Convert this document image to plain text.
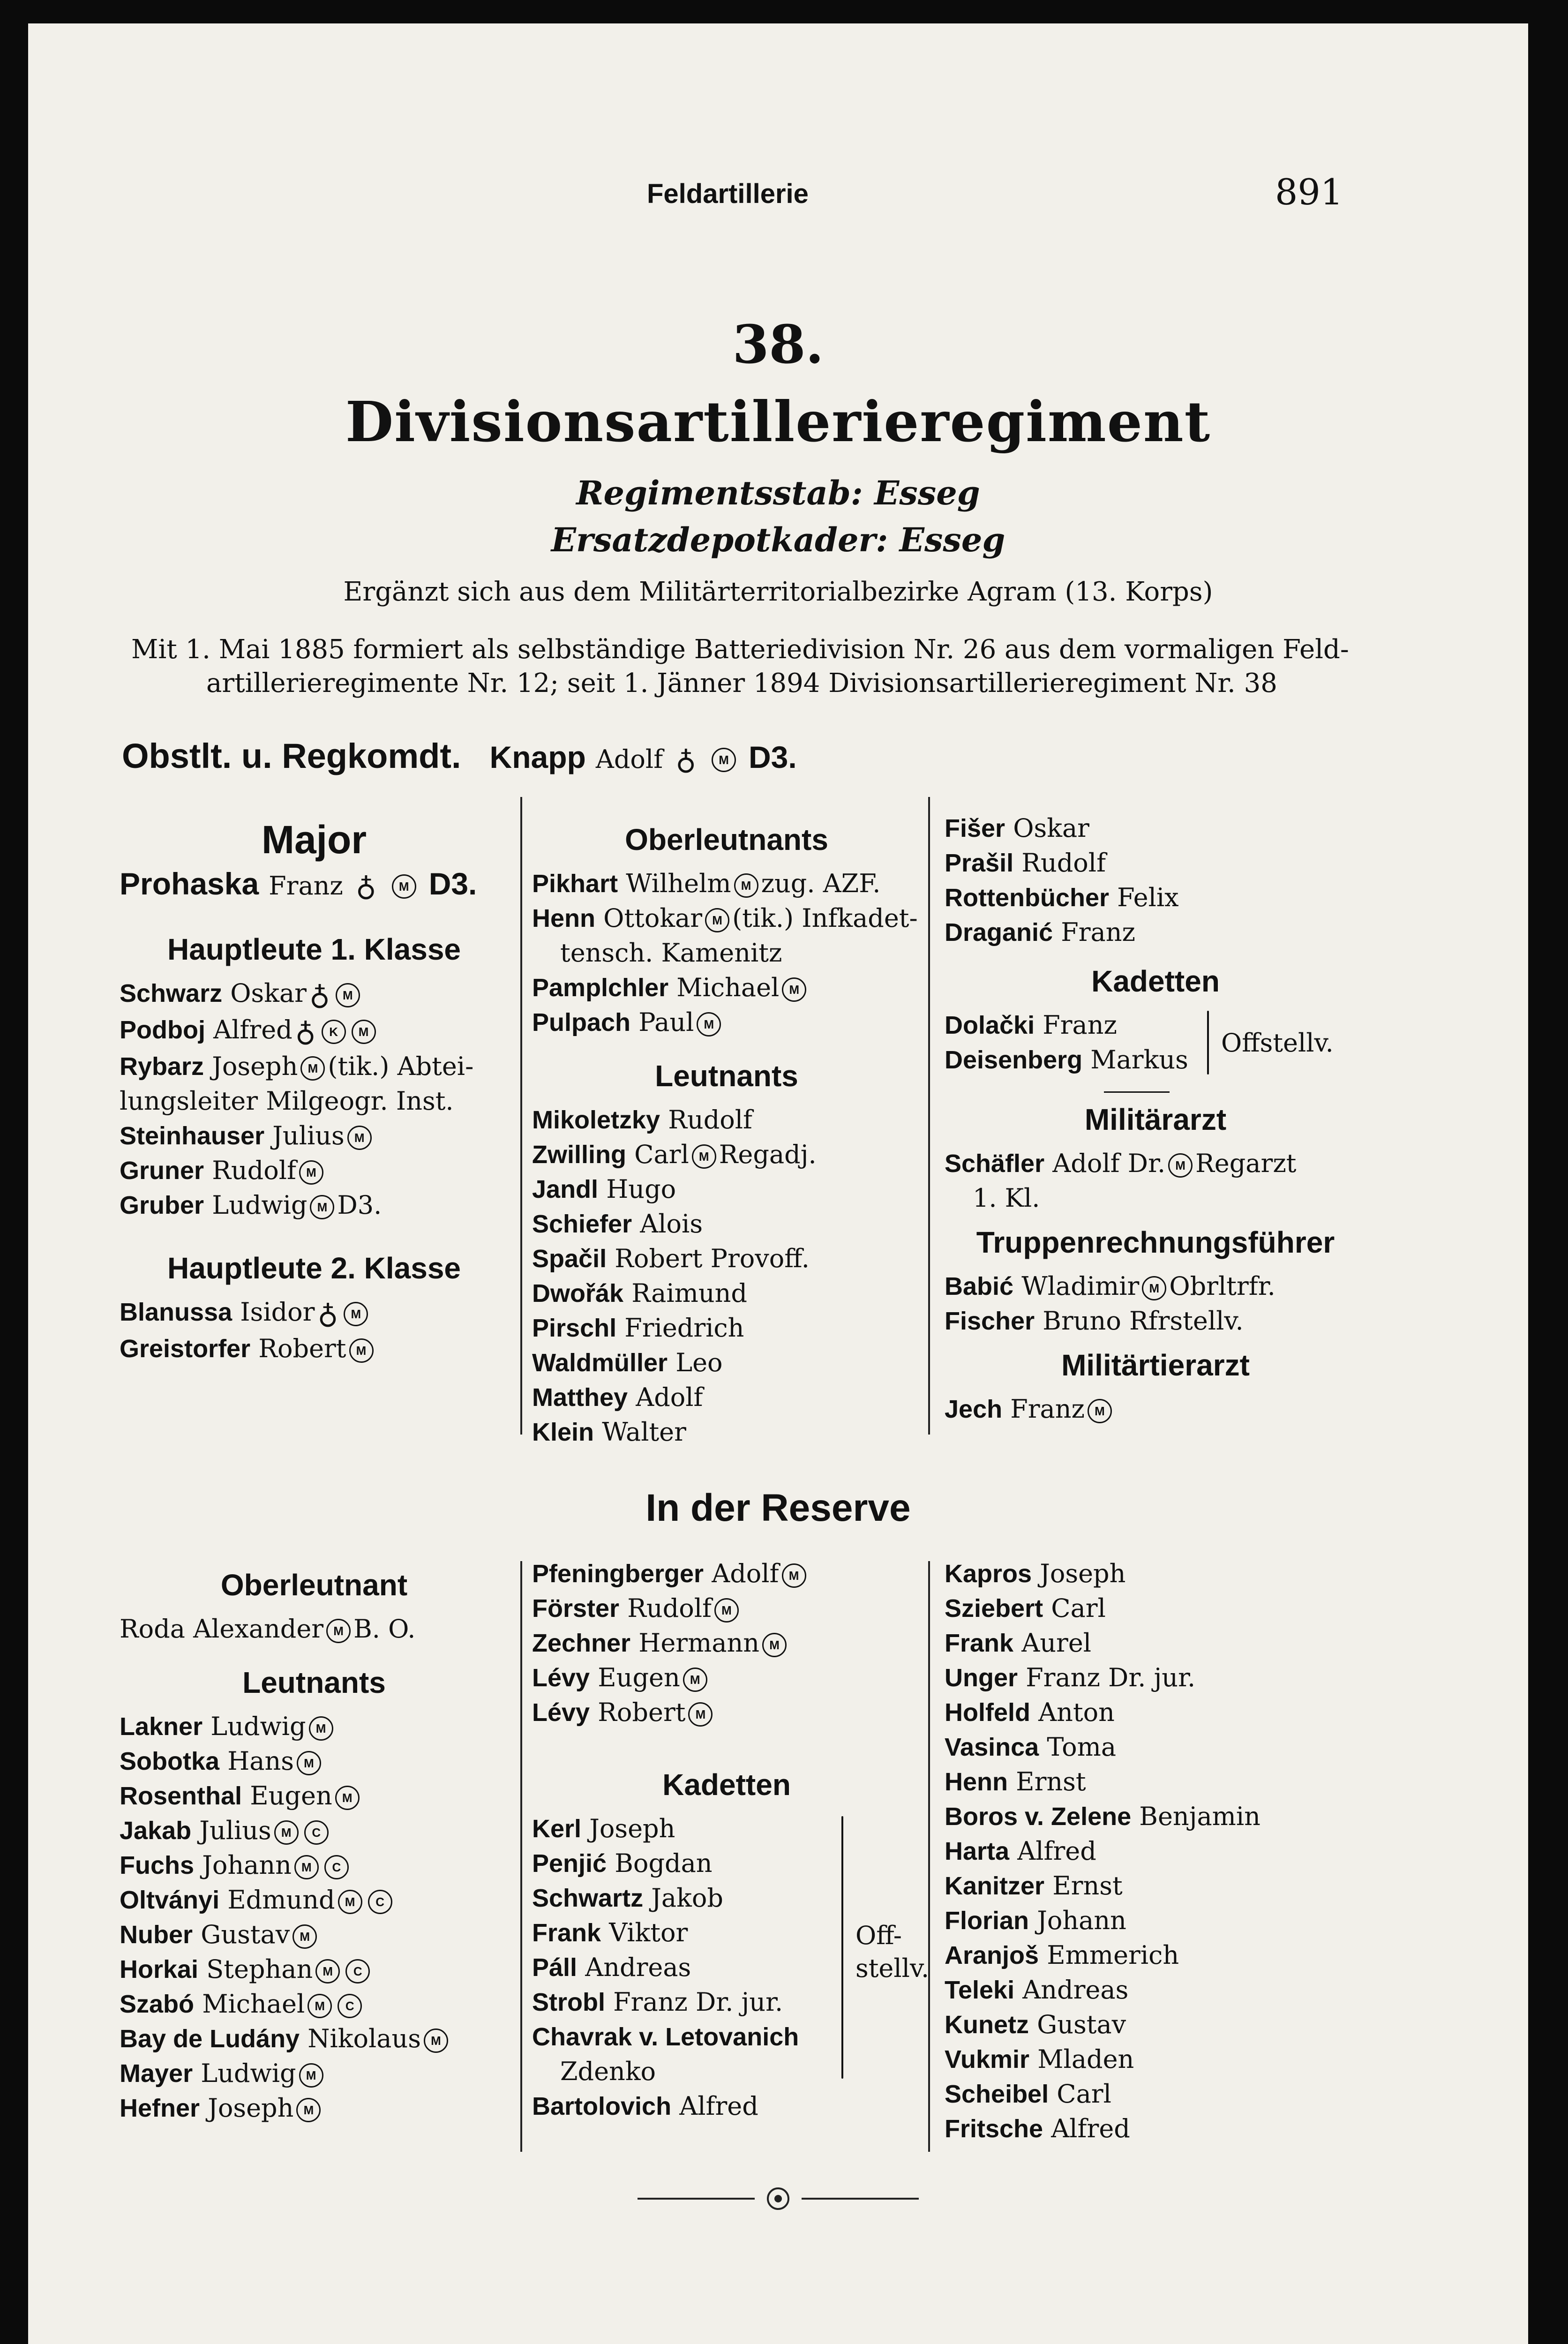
Feldartillerie	891
38.
Divisionsartillerieregiment
Regimentsstab: Esseg
Ersatzdepotkader: Esseg
Ergänzt sich aus dem Militärterritorialbezirke Agram (13. Korps)
Mit 1. Mai 1885 formiert als selbständige Batteriedivision Nr. 26 aus dem vormaligen Feld-
artillerieregimente Nr. 12; seit 1. Jänner 1894 Divisionsartillerieregiment Nr. 38
Obstlt. u. Regkomdt. Knapp Adolf ♁ M D3.
Major
Prohaska Franz ♁ M D3.
Hauptleute 1. Klasse
Schwarz Oskar ♁ M
Podboj Alfred ♁ K M
Rybarz Joseph M (tik.) Abtei-
lungsleiter Milgeogr. Inst.
Steinhauser Julius M
Gruner Rudolf M
Gruber Ludwig M D3.
Hauptleute 2. Klasse
Blanussa Isidor ♁ M
Greistorfer Robert M
Oberleutnants
Pikhart Wilhelm M zug. AZF.
Henn Ottokar M (tik.) Infkadet-
tensch. Kamenitz
Pamplchler Michael M
Pulpach Paul M
Leutnants
Mikoletzky Rudolf
Zwilling Carl M Regadj.
Jandl Hugo
Schiefer Alois
Spačil Robert Provoff.
Dwořák Raimund
Pirschl Friedrich
Waldmüller Leo
Matthey Adolf
Klein Walter
Fišer Oskar
Prašil Rudolf
Rottenbücher Felix
Draganić Franz
Kadetten
Dolački Franz
Deisenberg Markus
Offstellv.
Militärarzt
Schäfler Adolf Dr. M Regarzt
1. Kl.
Truppenrechnungsführer
Babić Wladimir M Obrltrfr.
Fischer Bruno Rfrstellv.
Militärtierarzt
Jech Franz M
In der Reserve
Oberleutnant
Roda Alexander M B. O.
Leutnants
Lakner Ludwig M
Sobotka Hans M
Rosenthal Eugen M
Jakab Julius M C
Fuchs Johann M C
Oltványi Edmund M C
Nuber Gustav M
Horkai Stephan M C
Szabó Michael M C
Bay de Ludány Nikolaus M
Mayer Ludwig M
Hefner Joseph M
Pfeningberger Adolf M
Förster Rudolf M
Zechner Hermann M
Lévy Eugen M
Lévy Robert M
Kadetten
Kerl Joseph
Penjić Bogdan
Schwartz Jakob
Frank Viktor
Páll Andreas
Strobl Franz Dr. jur.
Chavrak v. Letovanich
Zdenko
Bartolovich Alfred
Off-
stellv.
Kapros Joseph
Sziebert Carl
Frank Aurel
Unger Franz Dr. jur.
Holfeld Anton
Vasinca Toma
Henn Ernst
Boros v. Zelene Benjamin
Harta Alfred
Kanitzer Ernst
Florian Johann
Aranjoš Emmerich
Teleki Andreas
Kunetz Gustav
Vukmir Mladen
Scheibel Carl
Fritsche Alfred
